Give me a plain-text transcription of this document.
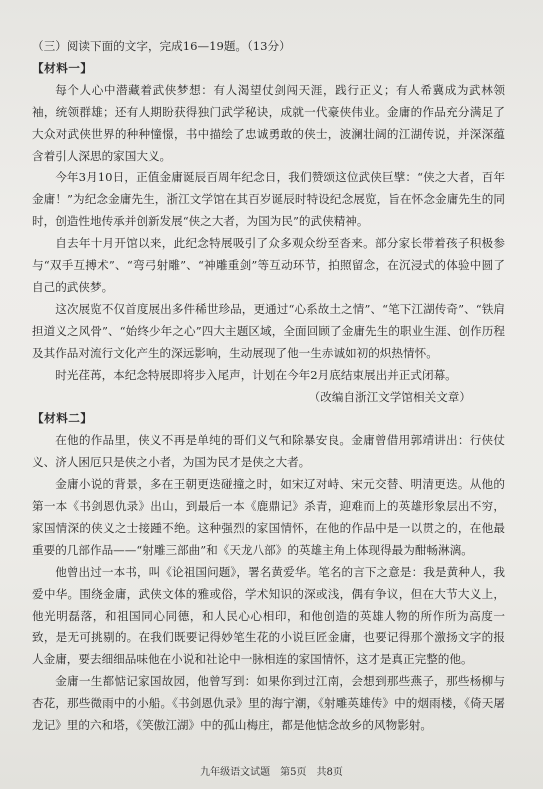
（三）阅读下面的文字，完成16—19题。（13分）

【材料一】

每个人心中潜藏着武侠梦想：有人渴望仗剑闯天涯，践行正义；有人希冀成为武林领袖，统领群雄；还有人期盼获得独门武学秘诀，成就一代豪侠伟业。金庸的作品充分满足了大众对武侠世界的种种憧憬，书中描绘了忠诚勇敢的侠士，波澜壮阔的江湖传说，并深深蕴含着引人深思的家国大义。

今年3月10日，正值金庸诞辰百周年纪念日，我们赞颂这位武侠巨擘：“侠之大者，百年金庸！”为纪念金庸先生，浙江文学馆在其百岁诞辰时特设纪念展览，旨在怀念金庸先生的同时，创造性地传承并创新发展“侠之大者，为国为民”的武侠精神。

自去年十月开馆以来，此纪念特展吸引了众多观众纷至沓来。部分家长带着孩子积极参与“双手互搏术”、“弯弓射雕”、“神雕重剑”等互动环节，拍照留念，在沉浸式的体验中圆了自己的武侠梦。

这次展览不仅首度展出多件稀世珍品，更通过“心系故土之情”、“笔下江湖传奇”、“铁肩担道义之风骨”、“始终少年之心”四大主题区域，全面回顾了金庸先生的职业生涯、创作历程及其作品对流行文化产生的深远影响，生动展现了他一生赤诚如初的炽热情怀。

时光荏苒，本纪念特展即将步入尾声，计划在今年2月底结束展出并正式闭幕。

（改编自浙江文学馆相关文章）

【材料二】

在他的作品里，侠义不再是单纯的哥们义气和除暴安良。金庸曾借用郭靖讲出：行侠仗义、济人困厄只是侠之小者，为国为民才是侠之大者。

金庸小说的背景，多在王朝更迭碰撞之时，如宋辽对峙、宋元交替、明清更迭。从他的第一本《书剑恩仇录》出山，到最后一本《鹿鼎记》杀青，迎难而上的英雄形象层出不穷，家国情深的侠义之士接踵不绝。这种强烈的家国情怀，在他的作品中是一以贯之的，在他最重要的几部作品——“射雕三部曲”和《天龙八部》的英雄主角上体现得最为酣畅淋漓。

他曾出过一本书，叫《论祖国问题》，署名黄爱华。笔名的言下之意是：我是黄种人，我爱中华。围绕金庸，武侠文体的雅或俗，学术知识的深或浅，偶有争议，但在大节大义上，他光明磊落，和祖国同心同德，和人民心心相印，和他创造的英雄人物的所作所为高度一致，是无可挑剔的。在我们既要记得妙笔生花的小说巨匠金庸，也要记得那个激扬文字的报人金庸，要去细细品味他在小说和社论中一脉相连的家国情怀，这才是真正完整的他。

金庸一生都惦记家国故园，他曾写到：如果你到过江南，会想到那些燕子，那些杨柳与杏花，那些微雨中的小船。《书剑恩仇录》里的海宁潮，《射雕英雄传》中的烟雨楼，《倚天屠龙记》里的六和塔，《笑傲江湖》中的孤山梅庄，都是他惦念故乡的风物影射。

九年级语文试题　第5页　共8页
